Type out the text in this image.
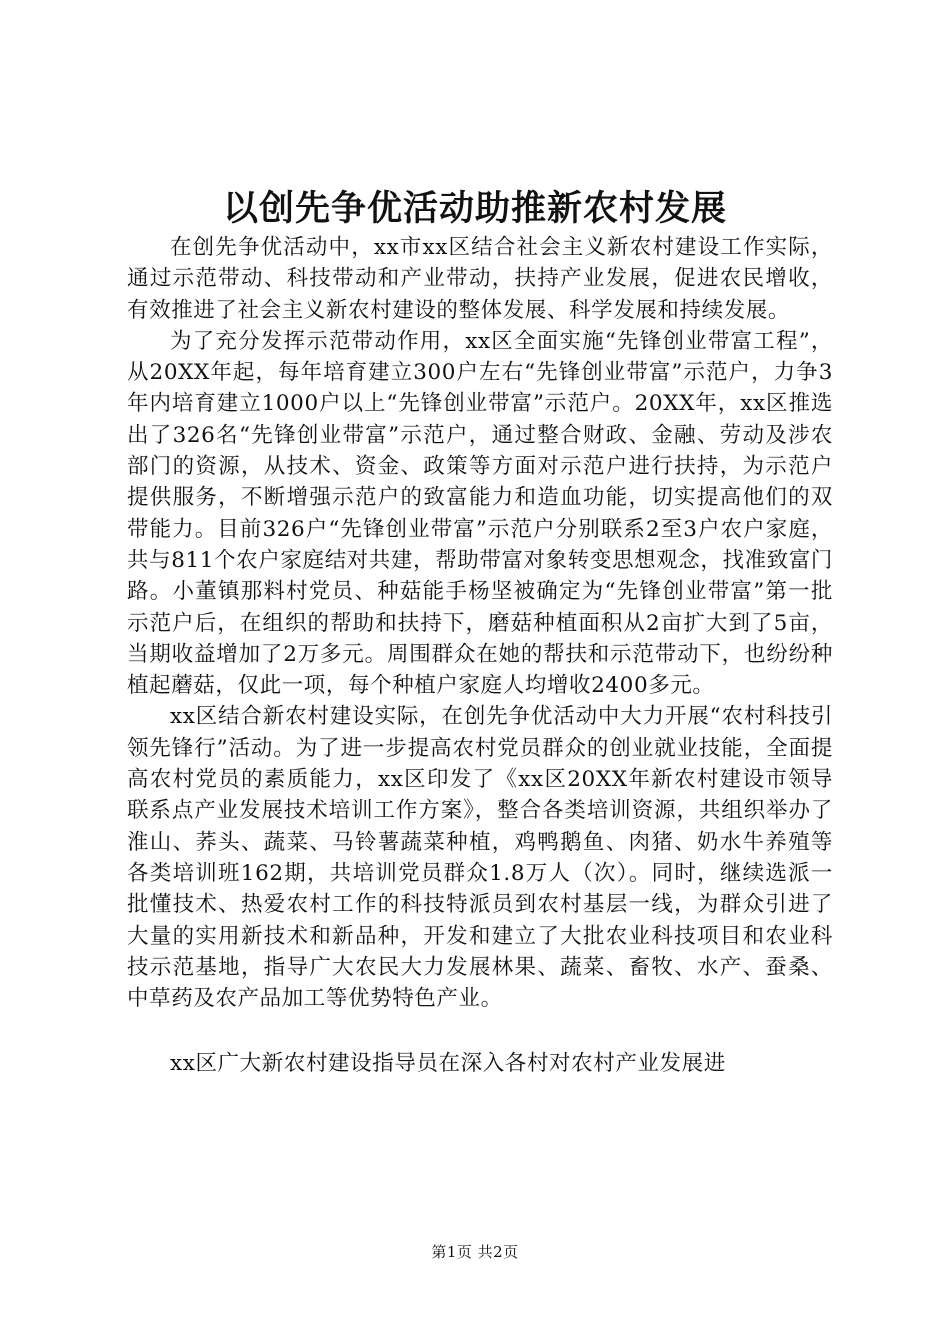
以创先争优活动助推新农村发展

在创先争优活动中，xx市xx区结合社会主义新农村建设工作实际，通过示范带动、科技带动和产业带动，扶持产业发展，促进农民增收，有效推进了社会主义新农村建设的整体发展、科学发展和持续发展。

为了充分发挥示范带动作用，xx区全面实施“先锋创业带富工程”，从20XX年起，每年培育建立300户左右“先锋创业带富”示范户，力争3年内培育建立1000户以上“先锋创业带富”示范户。20XX年，xx区推选出了326名“先锋创业带富”示范户，通过整合财政、金融、劳动及涉农部门的资源，从技术、资金、政策等方面对示范户进行扶持，为示范户提供服务，不断增强示范户的致富能力和造血功能，切实提高他们的双带能力。目前326户“先锋创业带富”示范户分别联系2至3户农户家庭，共与811个农户家庭结对共建，帮助带富对象转变思想观念，找准致富门路。小董镇那料村党员、种菇能手杨坚被确定为“先锋创业带富”第一批示范户后，在组织的帮助和扶持下，磨菇种植面积从2亩扩大到了5亩，当期收益增加了2万多元。周围群众在她的帮扶和示范带动下，也纷纷种植起蘑菇，仅此一项，每个种植户家庭人均增收2400多元。

xx区结合新农村建设实际，在创先争优活动中大力开展“农村科技引领先锋行”活动。为了进一步提高农村党员群众的创业就业技能，全面提高农村党员的素质能力，xx区印发了《xx区20XX年新农村建设市领导联系点产业发展技术培训工作方案》，整合各类培训资源，共组织举办了淮山、荞头、蔬菜、马铃薯蔬菜种植，鸡鸭鹅鱼、肉猪、奶水牛养殖等各类培训班162期，共培训党员群众1.8万人（次）。同时，继续选派一批懂技术、热爱农村工作的科技特派员到农村基层一线，为群众引进了大量的实用新技术和新品种，开发和建立了大批农业科技项目和农业科技示范基地，指导广大农民大力发展林果、蔬菜、畜牧、水产、蚕桑、中草药及农产品加工等优势特色产业。

xx区广大新农村建设指导员在深入各村对农村产业发展进

第1页 共2页
